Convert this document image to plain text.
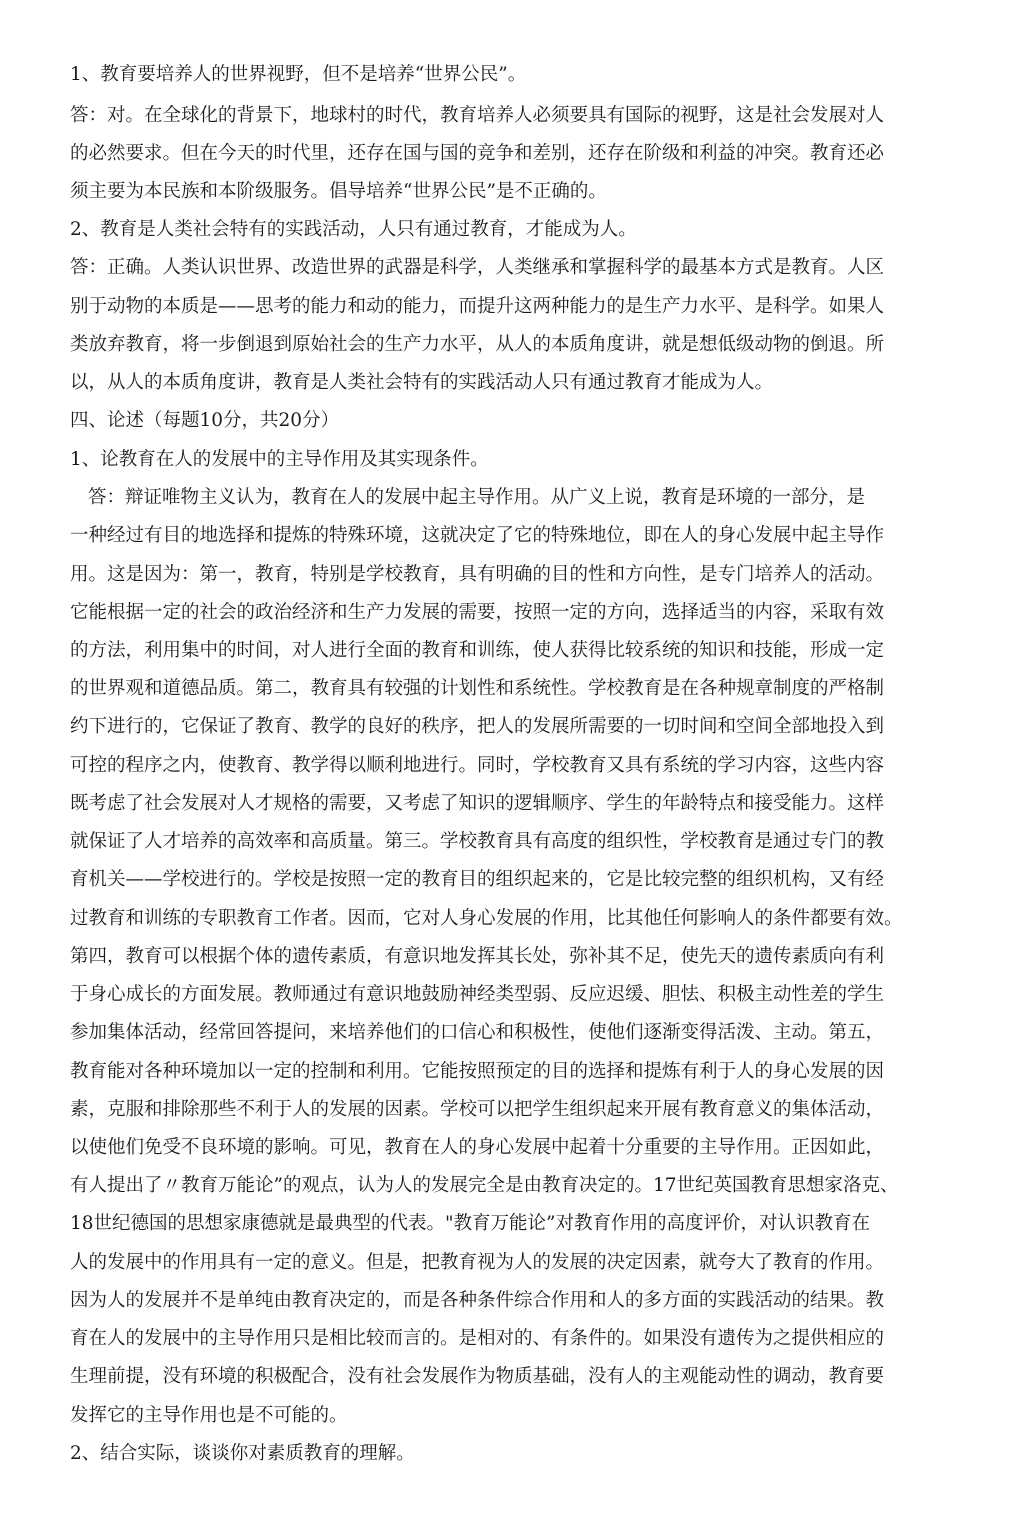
1、教育要培养人的世界视野，但不是培养“世界公民”。
答：对。在全球化的背景下，地球村的时代，教育培养人必须要具有国际的视野，这是社会发展对人
的必然要求。但在今天的时代里，还存在国与国的竞争和差别，还存在阶级和利益的冲突。教育还必
须主要为本民族和本阶级服务。倡导培养“世界公民”是不正确的。
2、教育是人类社会特有的实践活动，人只有通过教育，才能成为人。
答：正确。人类认识世界、改造世界的武器是科学，人类继承和掌握科学的最基本方式是教育。人区
别于动物的本质是——思考的能力和动的能力，而提升这两种能力的是生产力水平、是科学。如果人
类放弃教育，将一步倒退到原始社会的生产力水平，从人的本质角度讲，就是想低级动物的倒退。所
以，从人的本质角度讲，教育是人类社会特有的实践活动人只有通过教育才能成为人。
四、论述（每题10分，共20分）
1、论教育在人的发展中的主导作用及其实现条件。
答：辩证唯物主义认为，教育在人的发展中起主导作用。从广义上说，教育是环境的一部分，是
一种经过有目的地选择和提炼的特殊环境，这就决定了它的特殊地位，即在人的身心发展中起主导作
用。这是因为：第一，教育，特别是学校教育，具有明确的目的性和方向性，是专门培养人的活动。
它能根据一定的社会的政治经济和生产力发展的需要，按照一定的方向，选择适当的内容，采取有效
的方法，利用集中的时间，对人进行全面的教育和训练，使人获得比较系统的知识和技能，形成一定
的世界观和道德品质。第二，教育具有较强的计划性和系统性。学校教育是在各种规章制度的严格制
约下进行的，它保证了教育、教学的良好的秩序，把人的发展所需要的一切时间和空间全部地投入到
可控的程序之内，使教育、教学得以顺利地进行。同时，学校教育又具有系统的学习内容，这些内容
既考虑了社会发展对人才规格的需要，又考虑了知识的逻辑顺序、学生的年龄特点和接受能力。这样
就保证了人才培养的高效率和高质量。第三。学校教育具有高度的组织性，学校教育是通过专门的教
育机关——学校进行的。学校是按照一定的教育目的组织起来的，它是比较完整的组织机构，又有经
过教育和训练的专职教育工作者。因而，它对人身心发展的作用，比其他任何影响人的条件都要有效。
第四，教育可以根据个体的遗传素质，有意识地发挥其长处，弥补其不足，使先天的遗传素质向有利
于身心成长的方面发展。教师通过有意识地鼓励神经类型弱、反应迟缓、胆怯、积极主动性差的学生
参加集体活动，经常回答提问，来培养他们的口信心和积极性，使他们逐渐变得活泼、主动。第五，
教育能对各种环境加以一定的控制和利用。它能按照预定的目的选择和提炼有利于人的身心发展的因
素，克服和排除那些不利于人的发展的因素。学校可以把学生组织起来开展有教育意义的集体活动，
以使他们免受不良环境的影响。可见，教育在人的身心发展中起着十分重要的主导作用。正因如此，
有人提出了〃教育万能论”的观点，认为人的发展完全是由教育决定的。17世纪英国教育思想家洛克、
18世纪德国的思想家康德就是最典型的代表。"教育万能论”对教育作用的高度评价，对认识教育在
人的发展中的作用具有一定的意义。但是，把教育视为人的发展的决定因素，就夸大了教育的作用。
因为人的发展并不是单纯由教育决定的，而是各种条件综合作用和人的多方面的实践活动的结果。教
育在人的发展中的主导作用只是相比较而言的。是相对的、有条件的。如果没有遗传为之提供相应的
生理前提，没有环境的积极配合，没有社会发展作为物质基础，没有人的主观能动性的调动，教育要
发挥它的主导作用也是不可能的。
2、结合实际，谈谈你对素质教育的理解。
